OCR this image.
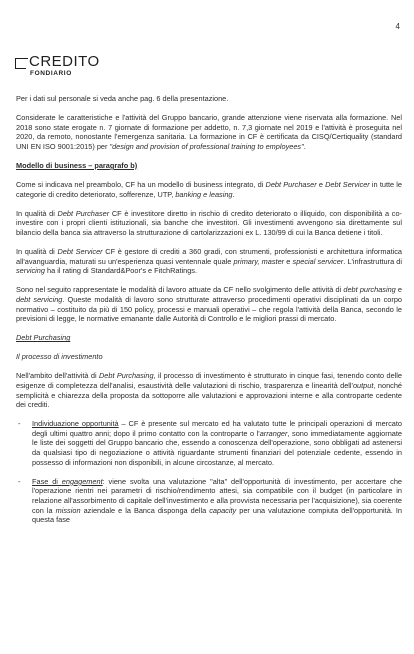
4
CREDITO
FONDIARIO

Per i dati sul personale si veda anche pag. 6 della presentazione.

Considerate le caratteristiche e l'attività del Gruppo bancario, grande attenzione viene riservata alla formazione. Nel 2018 sono state erogate n. 7 giornate di formazione per addetto, n. 7,3 giornate nel 2019 e l'attività è proseguita nel 2020, da remoto, nonostante l'emergenza sanitaria. La formazione in CF è certificata da CISQ/Certiquality (standard UNI EN ISO 9001:2015) per "design and provision of professional training to employees".

Modello di business – paragrafo b)

Come si indicava nel preambolo, CF ha un modello di business integrato, di Debt Purchaser e Debt Servicer in tutte le categorie di credito deteriorato, sofferenze, UTP, banking e leasing.

In qualità di Debt Purchaser CF è investitore diretto in rischio di credito deteriorato o illiquido, con disponibilità a co-investire con i propri clienti istituzionali, sia banche che investitori. Gli investimenti avvengono sia direttamente sul bilancio della banca sia attraverso la strutturazione di cartolarizzazioni ex L. 130/99 di cui la Banca detiene i titoli.

In qualità di Debt Servicer CF è gestore di crediti a 360 gradi, con strumenti, professionisti e architettura informatica all'avanguardia, maturati su un'esperienza quasi ventennale quale primary, master e special servicer. L'infrastruttura di servicing ha il rating di Standard&Poor's e FitchRatings.

Sono nel seguito rappresentate le modalità di lavoro attuate da CF nello svolgimento delle attività di debt purchasing e debt servicing. Queste modalità di lavoro sono strutturate attraverso procedimenti operativi disciplinati da un corpo normativo – costituito da più di 150 policy, processi e manuali operativi – che regola l'attività della Banca, secondo le previsioni di legge, le normative emanante dalle Autorità di Controllo e le migliori prassi di mercato.

Debt Purchasing

Il processo di investimento

Nell'ambito dell'attività di Debt Purchasing, il processo di investimento è strutturato in cinque fasi, tenendo conto delle esigenze di completezza dell'analisi, esaustività delle valutazioni di rischio, trasparenza e linearità dell'output, nonché semplicità e chiarezza della proposta da sottoporre alle valutazioni e approvazioni interne e alla controparte cedente dei crediti.

- Individuazione opportunità – CF è presente sul mercato ed ha valutato tutte le principali operazioni di mercato degli ultimi quattro anni; dopo il primo contatto con la controparte o l'arranger, sono immediatamente aggiornate le liste dei soggetti del Gruppo bancario che, essendo a conoscenza dell'operazione, sono obbligati ad astenersi da qualsiasi tipo di negoziazione o attività riguardante strumenti finanziari del potenziale cedente, essendo in possesso di informazioni non disponibili, in alcune circostanze, al mercato.
- Fase di engagement: viene svolta una valutazione "alta" dell'opportunità di investimento, per accertare che l'operazione rientri nei parametri di rischio/rendimento attesi, sia compatibile con il budget (in particolare in relazione all'assorbimento di capitale dell'investimento e alla provvista necessaria per l'acquisizione), sia coerente con la mission aziendale e la Banca disponga della capacity per una valutazione compiuta dell'opportunità. In questa fase
